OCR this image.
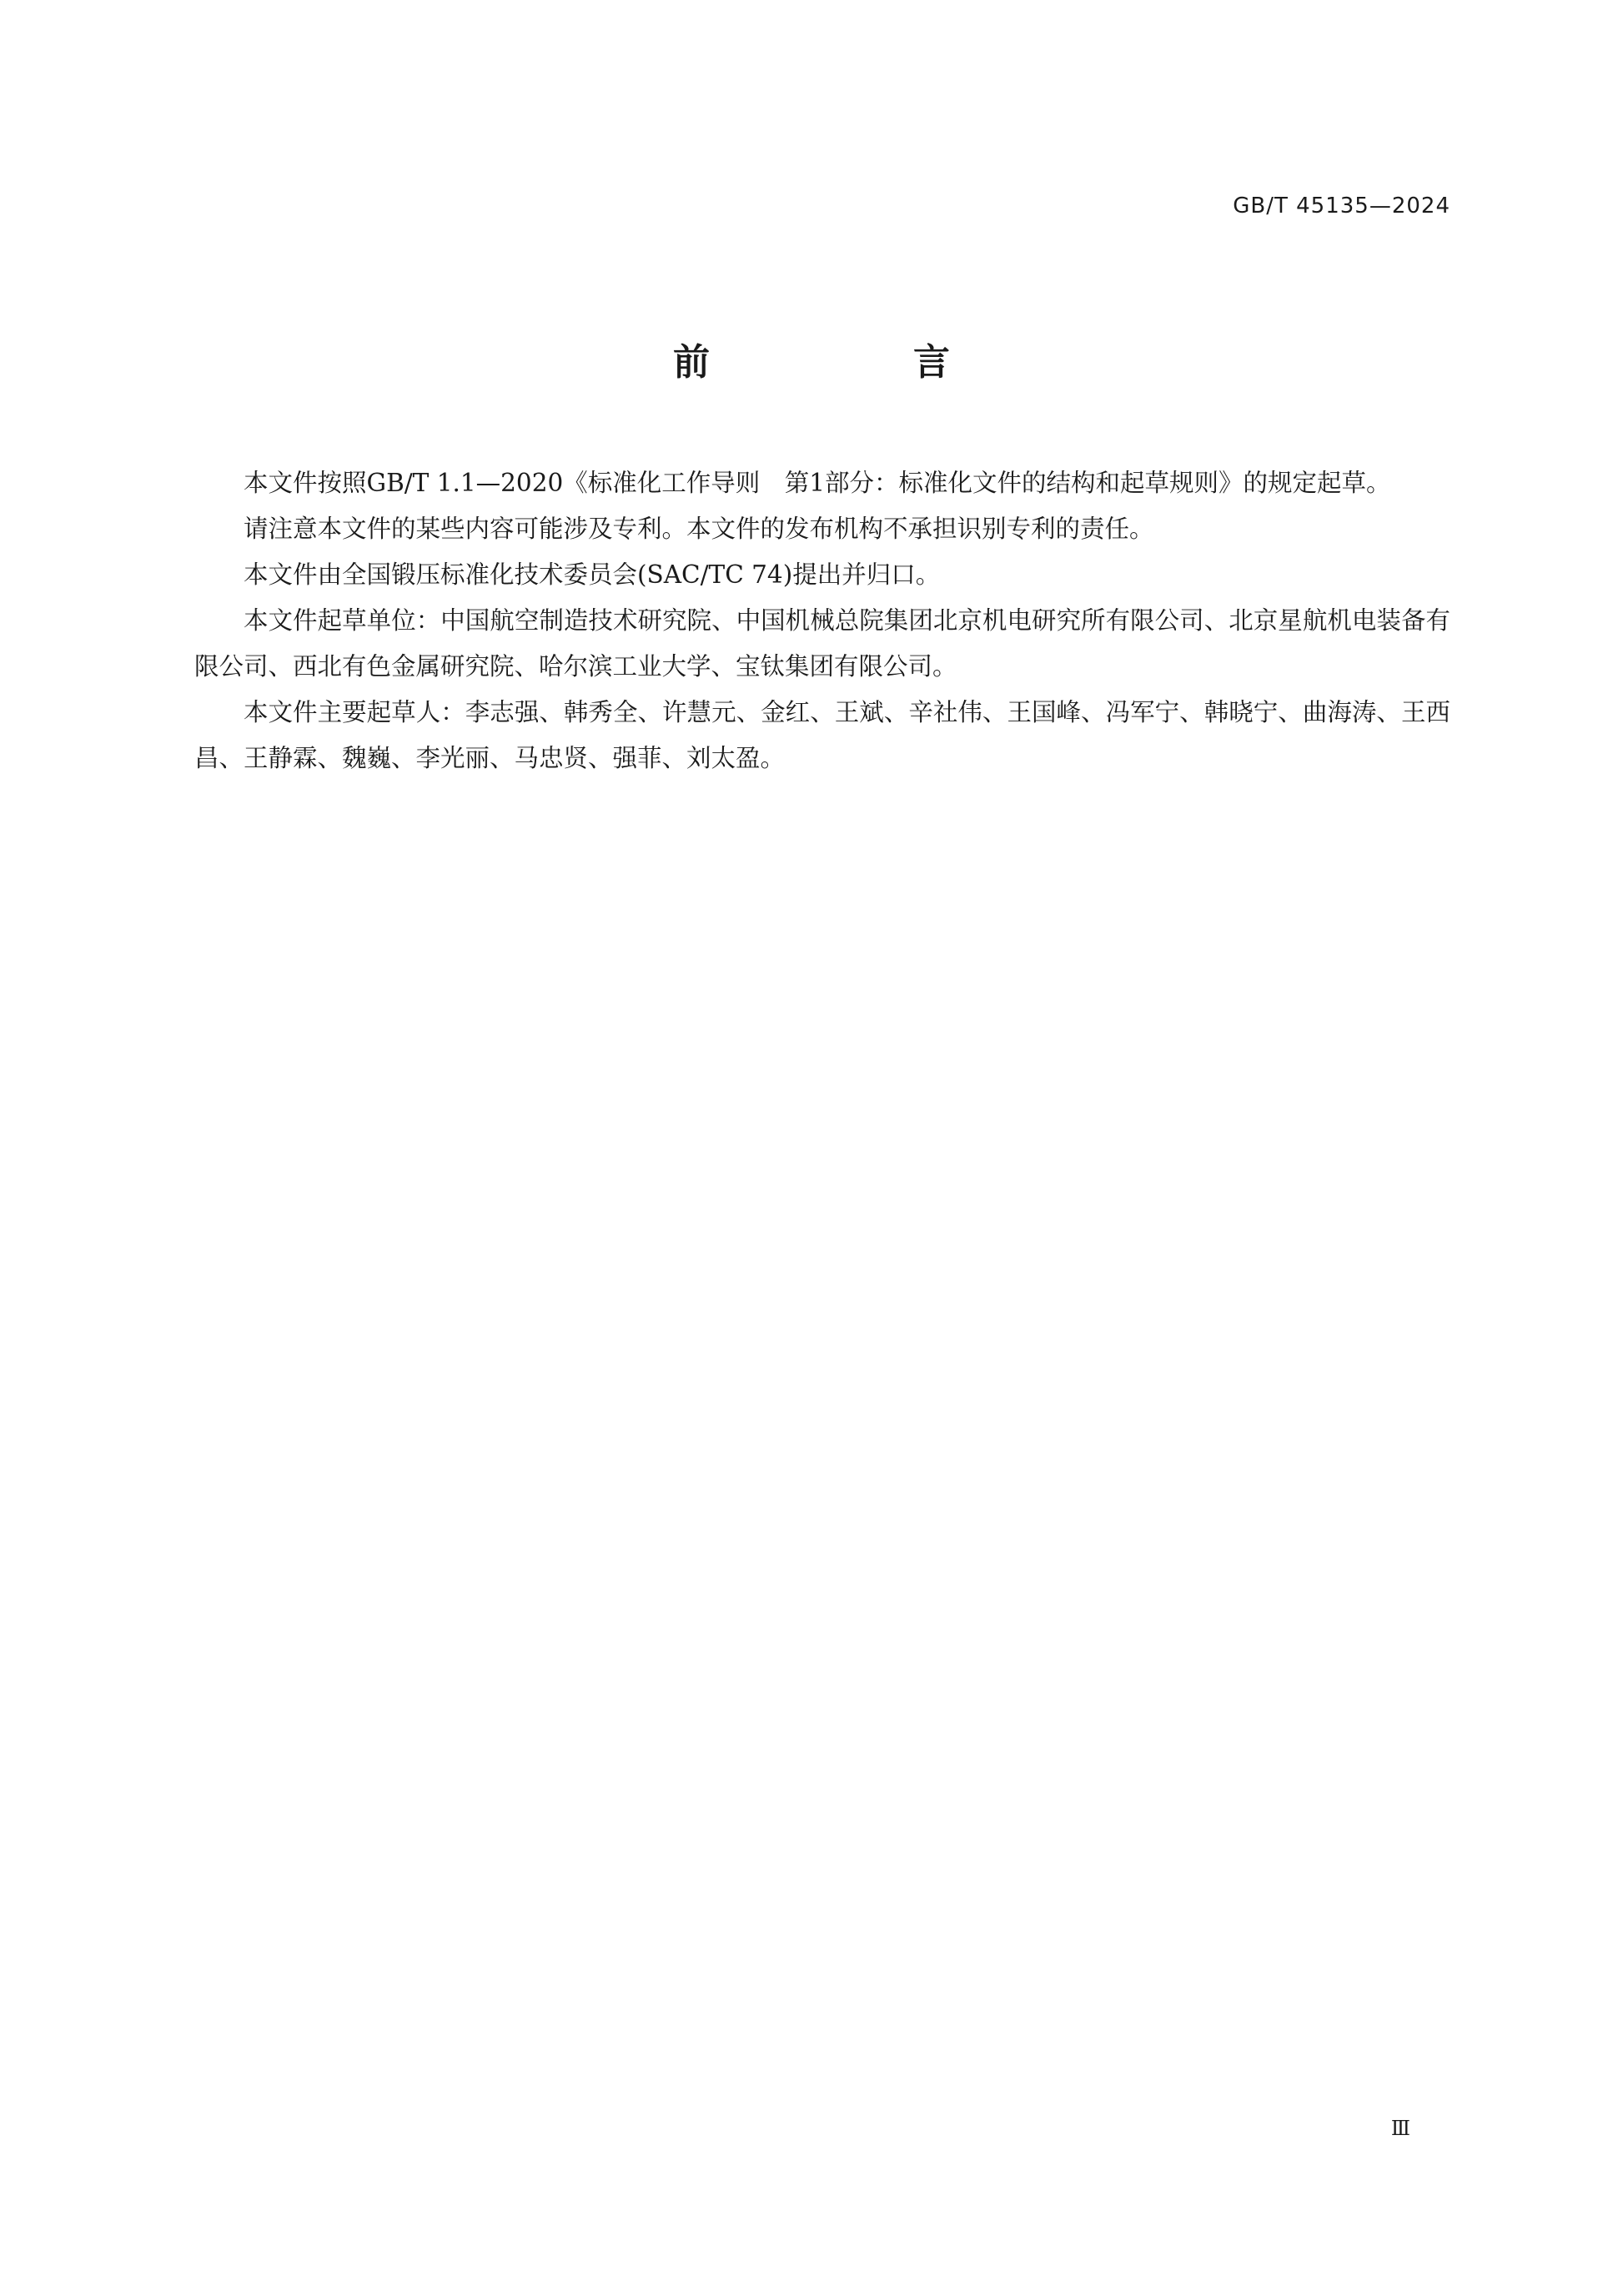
GB/T 45135—2024
前　言

本文件按照GB/T 1.1—2020《标准化工作导则　第1部分：标准化文件的结构和起草规则》的规定起草。

请注意本文件的某些内容可能涉及专利。本文件的发布机构不承担识别专利的责任。

本文件由全国锻压标准化技术委员会(SAC/TC 74)提出并归口。

本文件起草单位：中国航空制造技术研究院、中国机械总院集团北京机电研究所有限公司、北京星航机电装备有限公司、西北有色金属研究院、哈尔滨工业大学、宝钛集团有限公司。

本文件主要起草人：李志强、韩秀全、许慧元、金红、王斌、辛社伟、王国峰、冯军宁、韩晓宁、曲海涛、王西昌、王静霖、魏巍、李光丽、马忠贤、强菲、刘太盈。

Ⅲ
